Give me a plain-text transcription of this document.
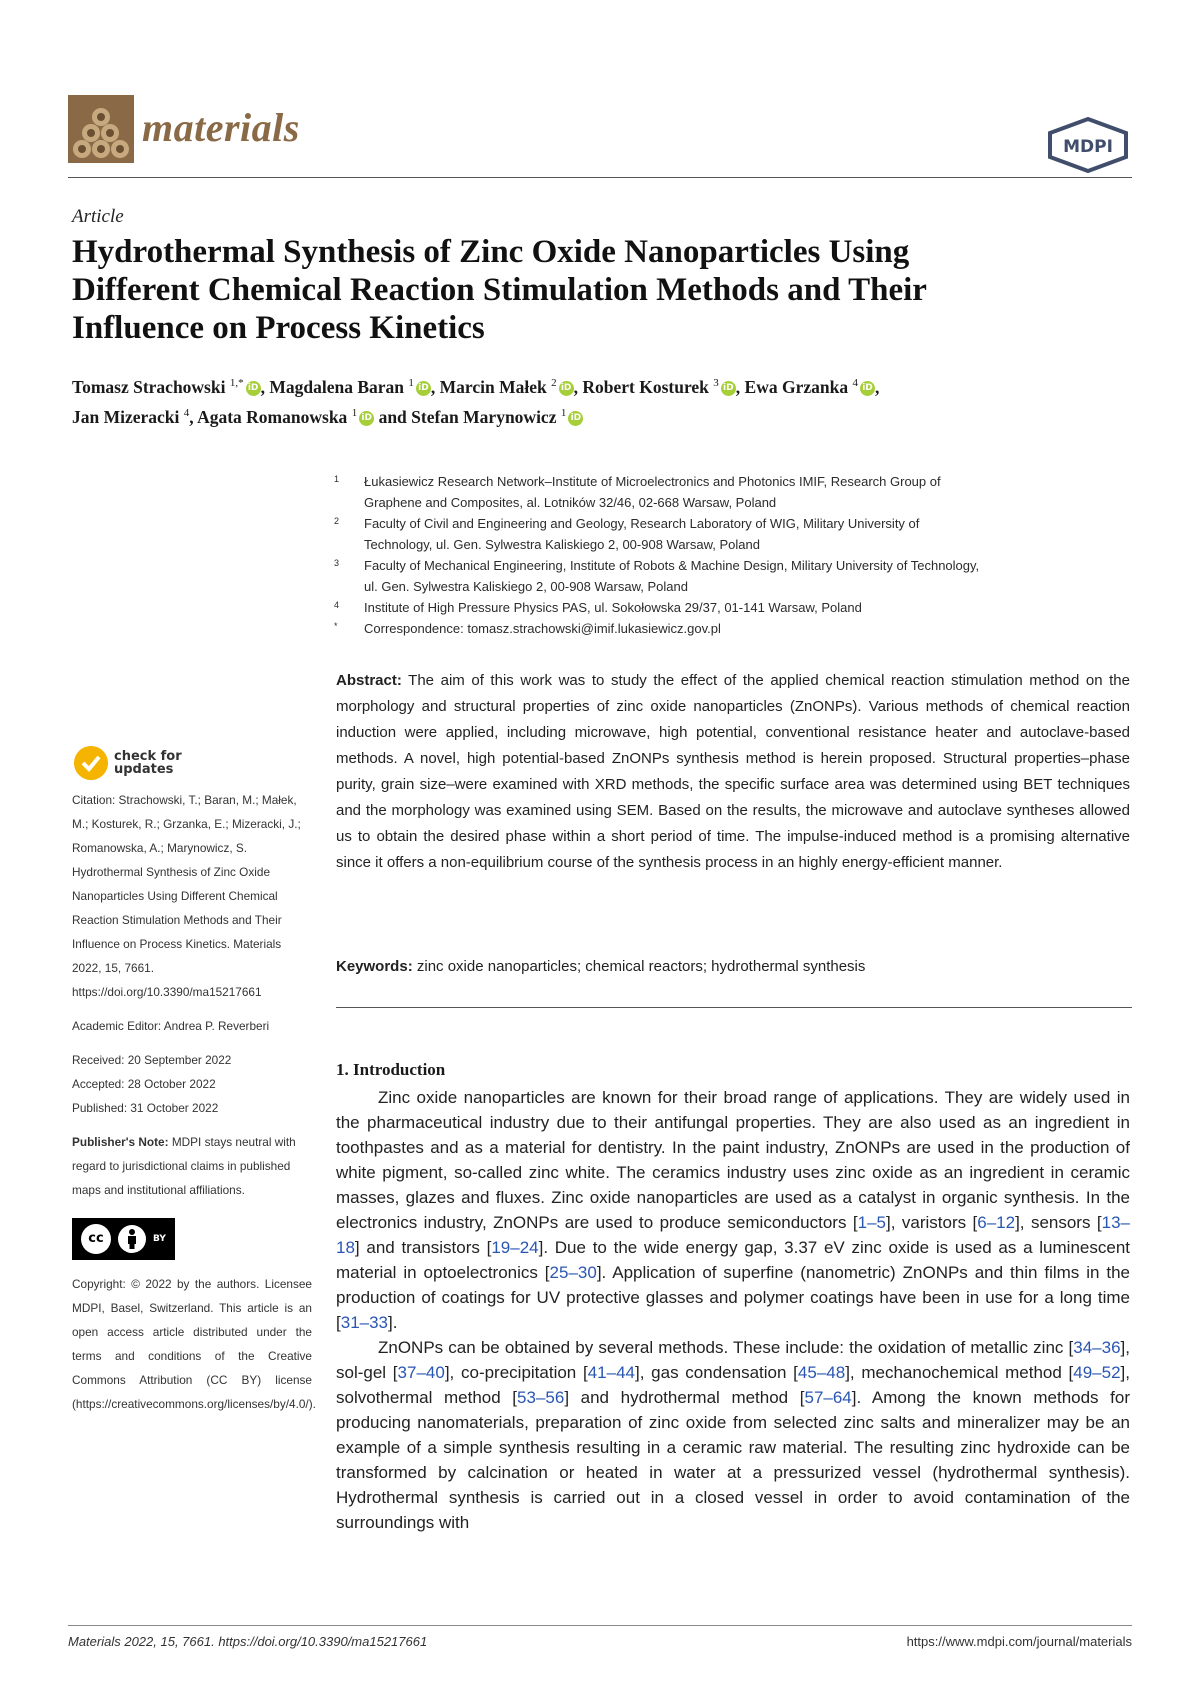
materials	MDPI
Article
Hydrothermal Synthesis of Zinc Oxide Nanoparticles Using
Different Chemical Reaction Stimulation Methods and Their
Influence on Process Kinetics
Tomasz Strachowski $^{1,*}$ iD , Magdalena Baran $^1$ iD , Marcin Małek $^2$ iD , Robert Kosturek $^3$ iD , Ewa Grzanka $^4$ iD ,
Jan Mizeracki $^4$, Agata Romanowska $^1$ iD and Stefan Marynowicz $^1$ iD
1 Łukasiewicz Research Network–Institute of Microelectronics and Photonics IMIF, Research Group of
Graphene and Composites, al. Lotników 32/46, 02-668 Warsaw, Poland
2 Faculty of Civil and Engineering and Geology, Research Laboratory of WIG, Military University of
Technology, ul. Gen. Sylwestra Kaliskiego 2, 00-908 Warsaw, Poland
3 Faculty of Mechanical Engineering, Institute of Robots & Machine Design, Military University of Technology,
ul. Gen. Sylwestra Kaliskiego 2, 00-908 Warsaw, Poland
4 Institute of High Pressure Physics PAS, ul. Sokołowska 29/37, 01-141 Warsaw, Poland
* Correspondence: tomasz.strachowski@imif.lukasiewicz.gov.pl
Abstract: The aim of this work was to study the effect of the applied chemical reaction stimulation method on the morphology and structural properties of zinc oxide nanoparticles (ZnONPs). Various methods of chemical reaction induction were applied, including microwave, high potential, conventional resistance heater and autoclave-based methods. A novel, high potential-based ZnONPs synthesis method is herein proposed. Structural properties–phase purity, grain size–were examined with XRD methods, the specific surface area was determined using BET techniques and the morphology was examined using SEM. Based on the results, the microwave and autoclave syntheses allowed us to obtain the desired phase within a short period of time. The impulse-induced method is a promising alternative since it offers a non-equilibrium course of the synthesis process in an highly energy-efficient manner.
Keywords: zinc oxide nanoparticles; chemical reactors; hydrothermal synthesis
1. Introduction

Zinc oxide nanoparticles are known for their broad range of applications. They are widely used in the pharmaceutical industry due to their antifungal properties. They are also used as an ingredient in toothpastes and as a material for dentistry. In the paint industry, ZnONPs are used in the production of white pigment, so-called zinc white. The ceramics industry uses zinc oxide as an ingredient in ceramic masses, glazes and fluxes. Zinc oxide nanoparticles are used as a catalyst in organic synthesis. In the electronics industry, ZnONPs are used to produce semiconductors [1–5], varistors [6–12], sensors [13–18] and transistors [19–24]. Due to the wide energy gap, 3.37 eV zinc oxide is used as a luminescent material in optoelectronics [25–30]. Application of superfine (nanometric) ZnONPs and thin films in the production of coatings for UV protective glasses and polymer coatings have been in use for a long time [31–33].

ZnONPs can be obtained by several methods. These include: the oxidation of metallic zinc [34–36], sol-gel [37–40], co-precipitation [41–44], gas condensation [45–48], mechanochemical method [49–52], solvothermal method [53–56] and hydrothermal method [57–64]. Among the known methods for producing nanomaterials, preparation of zinc oxide from selected zinc salts and mineralizer may be an example of a simple synthesis resulting in a ceramic raw material. The resulting zinc hydroxide can be transformed by calcination or heated in water at a pressurized vessel (hydrothermal synthesis). Hydrothermal synthesis is carried out in a closed vessel in order to avoid contamination of the surroundings with

check for
updates
Citation: Strachowski, T.; Baran, M.; Małek, M.; Kosturek, R.; Grzanka, E.; Mizeracki, J.; Romanowska, A.; Marynowicz, S. Hydrothermal Synthesis of Zinc Oxide Nanoparticles Using Different Chemical Reaction Stimulation Methods and Their Influence on Process Kinetics. Materials 2022, 15, 7661. https://doi.org/10.3390/ma15217661
Academic Editor: Andrea P. Reverberi
Received: 20 September 2022
Accepted: 28 October 2022
Published: 31 October 2022
Publisher's Note: MDPI stays neutral with regard to jurisdictional claims in published maps and institutional affiliations.
cc	BY
Copyright: © 2022 by the authors. Licensee MDPI, Basel, Switzerland. This article is an open access article distributed under the terms and conditions of the Creative Commons Attribution (CC BY) license (https://creativecommons.org/licenses/by/4.0/).
Materials 2022, 15, 7661. https://doi.org/10.3390/ma15217661	https://www.mdpi.com/journal/materials
